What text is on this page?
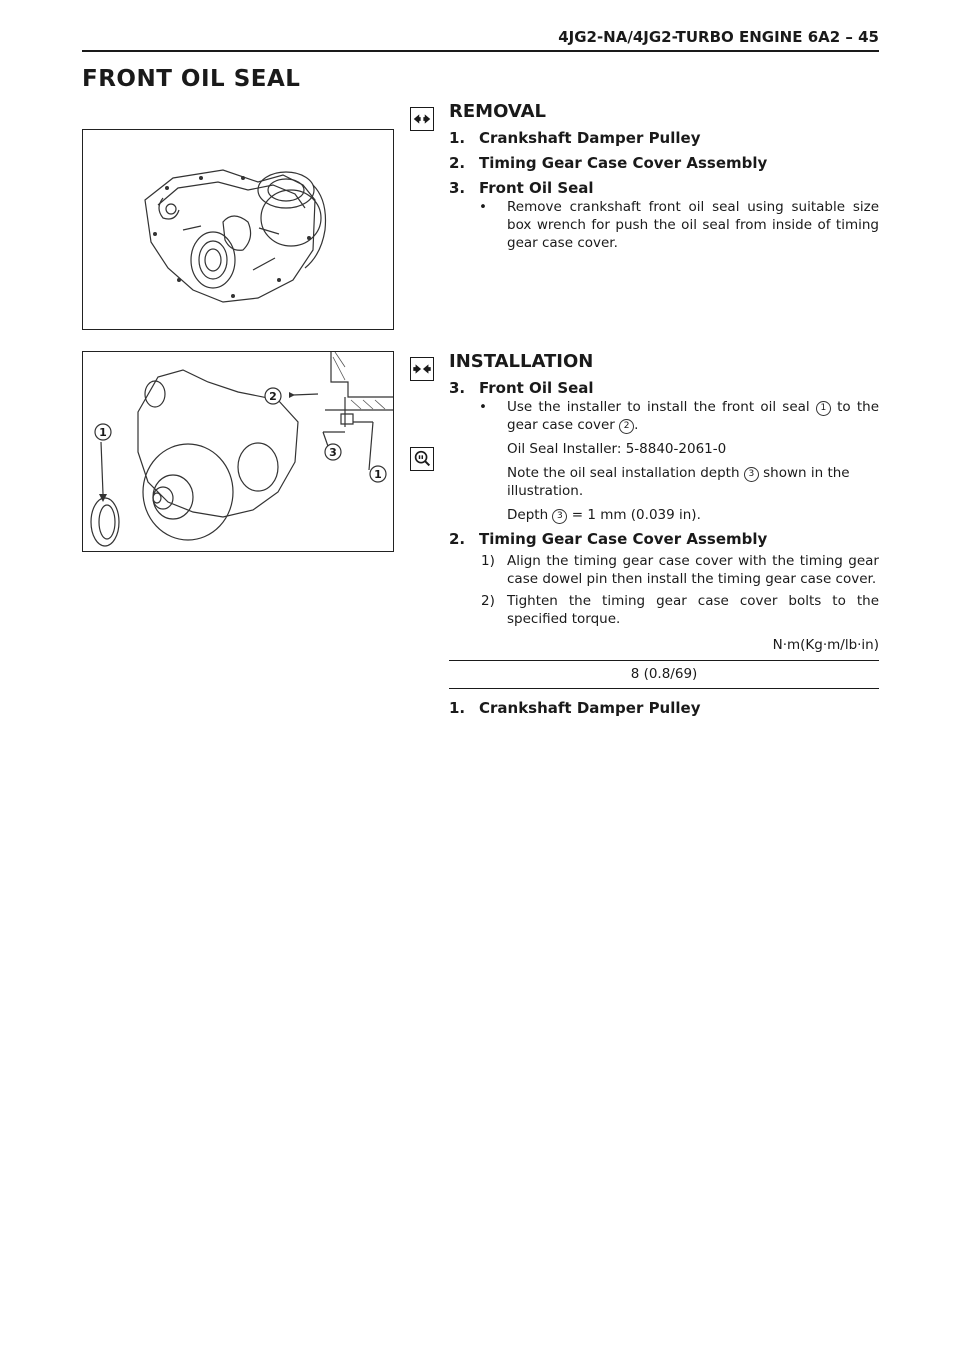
4JG2-NA/4JG2-TURBO ENGINE 6A2 – 45
FRONT OIL SEAL
REMOVAL
1. Crankshaft Damper Pulley
2. Timing Gear Case Cover Assembly
3. Front Oil Seal
• Remove crankshaft front oil seal using suitable size box wrench for push the oil seal from inside of timing gear case cover.
1
2
3
1
INSTALLATION
3. Front Oil Seal
• Use the installer to install the front oil seal 1 to the gear case cover 2 .
Oil Seal Installer: 5-8840-2061-0
Note the oil seal installation depth 3 shown in the illustration.
Depth 3 = 1 mm (0.039 in).
2. Timing Gear Case Cover Assembly
1) Align the timing gear case cover with the timing gear case dowel pin then install the timing gear case cover.
2) Tighten the timing gear case cover bolts to the specified torque.
N·m(Kg·m/lb·in)
8 (0.8/69)
1. Crankshaft Damper Pulley
